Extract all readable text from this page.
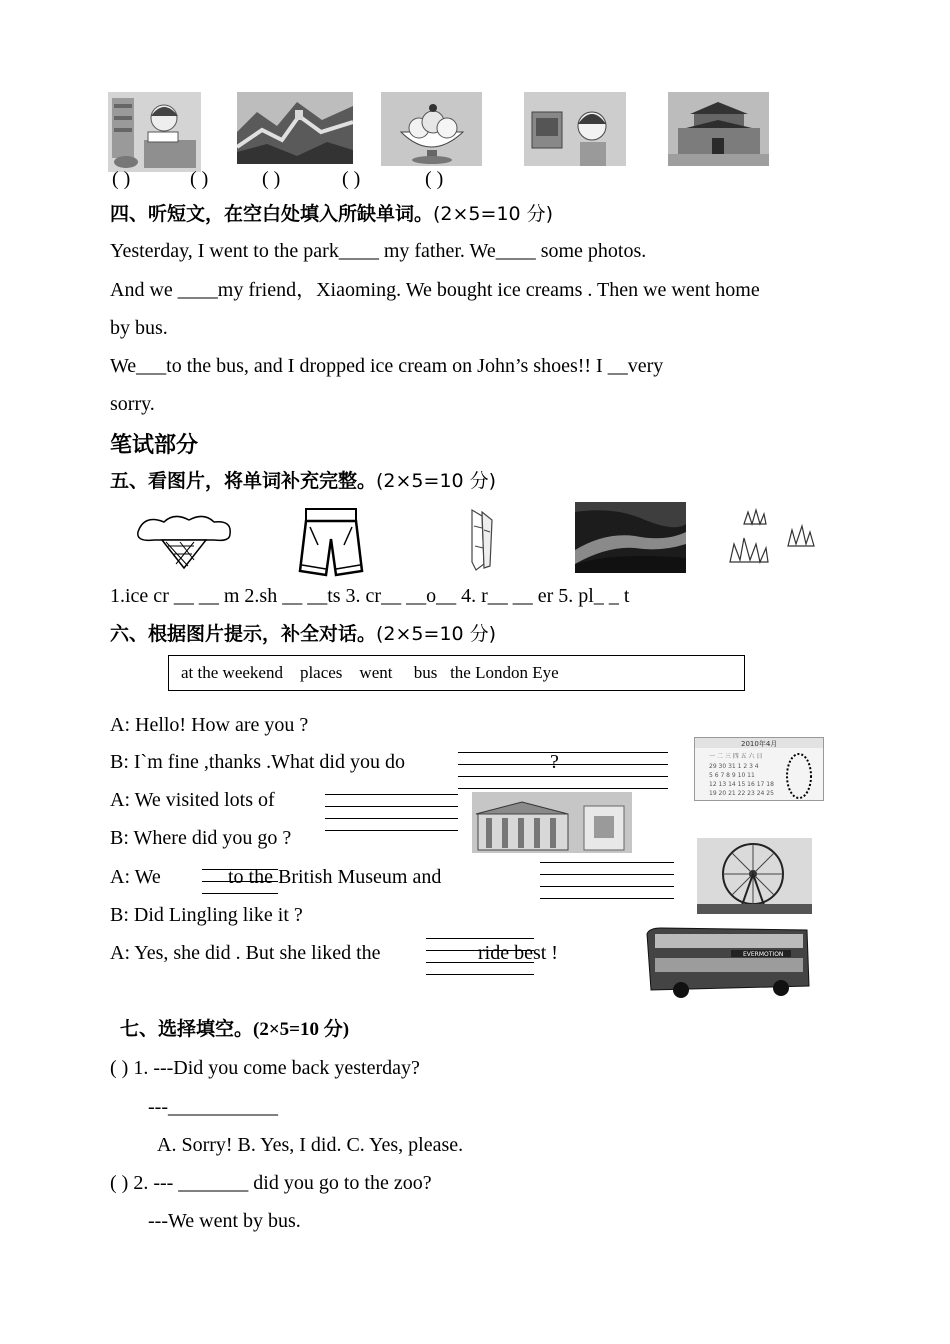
( )	( )	( )	( )	( )
四、听短文，在空白处填入所缺单词。(2×5=10 分)
Yesterday, I went to the park____ my father. We____ some photos.
And we ____my friend，Xiaoming. We bought ice creams . Then we went home
by bus.
We___to the bus, and I dropped ice cream on John’s shoes!! I __very
sorry.
笔试部分
五、看图片，将单词补充完整。(2×5=10 分)
1.ice cr __ __ m 2.sh __ __ts 3. cr__ __o__ 4. r__ __ er 5. pl_ _ t
六、根据图片提示，补全对话。(2×5=10 分)
at the weekend    places    went     bus   the London Eye
A: Hello! How are you ?
B: I`m fine ,thanks .What did you do
A: We visited lots of
B: Where did you go ?
A: We
B: Did Lingling like it ?
A: Yes, she did . But she liked the
?
to the British Museum and
ride best !
2010年4月
一 二 三 四 五 六 日
29 30 31 1 2 3 4
5 6 7 8 9 10 11
12 13 14 15 16 17 18
19 20 21 22 23 24 25
EVERMOTION
七、选择填空。(2×5=10 分)
( ) 1. ---Did you come back yesterday?
---___________
A. Sorry! B. Yes, I did. C. Yes, please.
( ) 2. --- _______ did you go to the zoo?
---We went by bus.
